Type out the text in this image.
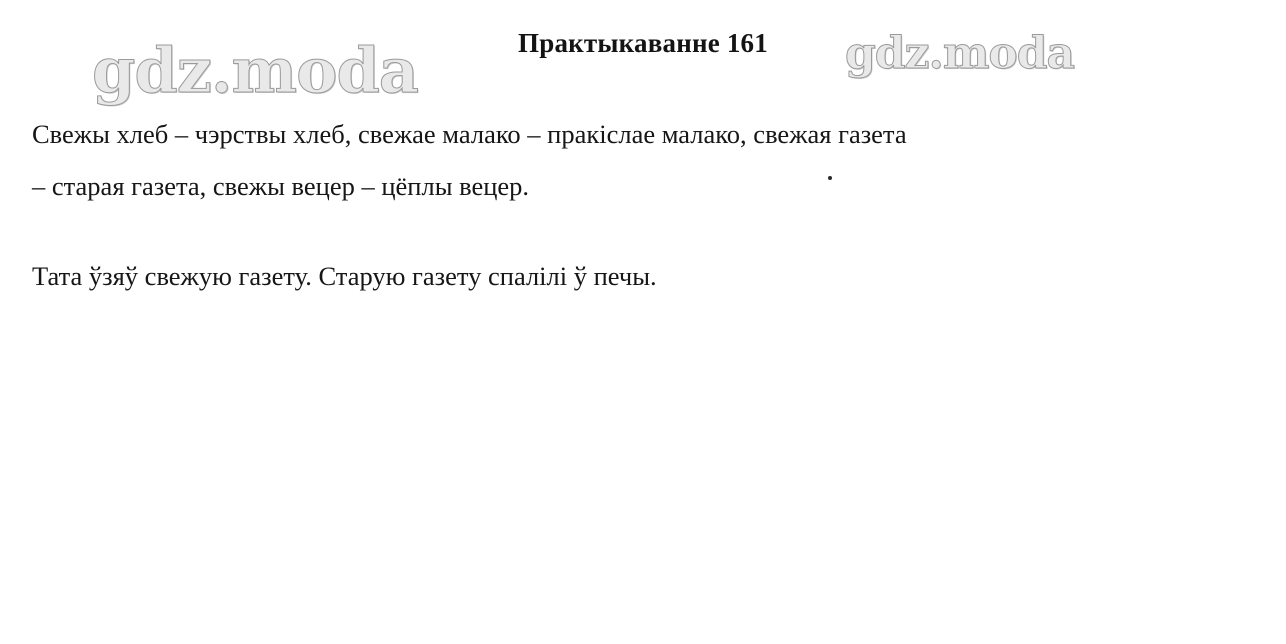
Практыкаванне 161
gdz.moda	gdz.moda
Свежы хлеб – чэрствы хлеб, свежае малако – пракіслае малако, свежая газета
– старая газета, свежы вецер – цёплы вецер.
Тата ўзяў свежую газету. Старую газету спалілі ў печы.
